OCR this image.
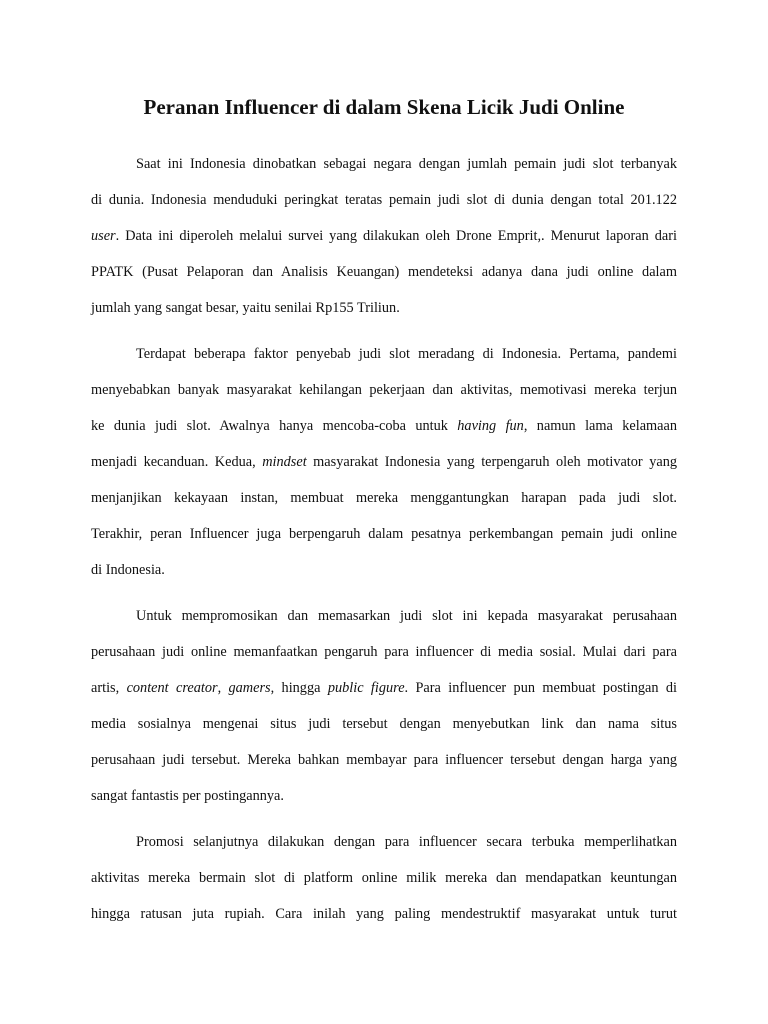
Peranan Influencer di dalam Skena Licik Judi Online
Saat ini Indonesia dinobatkan sebagai negara dengan jumlah pemain judi slot terbanyak
di dunia. Indonesia menduduki peringkat teratas pemain judi slot di dunia dengan total 201.122
user. Data ini diperoleh melalui survei yang dilakukan oleh Drone Emprit,. Menurut laporan dari
PPATK (Pusat Pelaporan dan Analisis Keuangan) mendeteksi adanya dana judi online dalam
jumlah yang sangat besar, yaitu senilai Rp155 Triliun.
Terdapat beberapa faktor penyebab judi slot meradang di Indonesia. Pertama, pandemi
menyebabkan banyak masyarakat kehilangan pekerjaan dan aktivitas, memotivasi mereka terjun
ke dunia judi slot. Awalnya hanya mencoba-coba untuk having fun, namun lama kelamaan
menjadi kecanduan. Kedua, mindset masyarakat Indonesia yang terpengaruh oleh motivator yang
menjanjikan kekayaan instan, membuat mereka menggantungkan harapan pada judi slot.
Terakhir, peran Influencer juga berpengaruh dalam pesatnya perkembangan pemain judi online
di Indonesia.
Untuk mempromosikan dan memasarkan judi slot ini kepada masyarakat perusahaan
perusahaan judi online memanfaatkan pengaruh para influencer di media sosial. Mulai dari para
artis, content creator, gamers, hingga public figure. Para influencer pun membuat postingan di
media sosialnya mengenai situs judi tersebut dengan menyebutkan link dan nama situs
perusahaan judi tersebut. Mereka bahkan membayar para influencer tersebut dengan harga yang
sangat fantastis per postingannya.
Promosi selanjutnya dilakukan dengan para influencer secara terbuka memperlihatkan
aktivitas mereka bermain slot di platform online milik mereka dan mendapatkan keuntungan
hingga ratusan juta rupiah. Cara inilah yang paling mendestruktif masyarakat untuk turut
